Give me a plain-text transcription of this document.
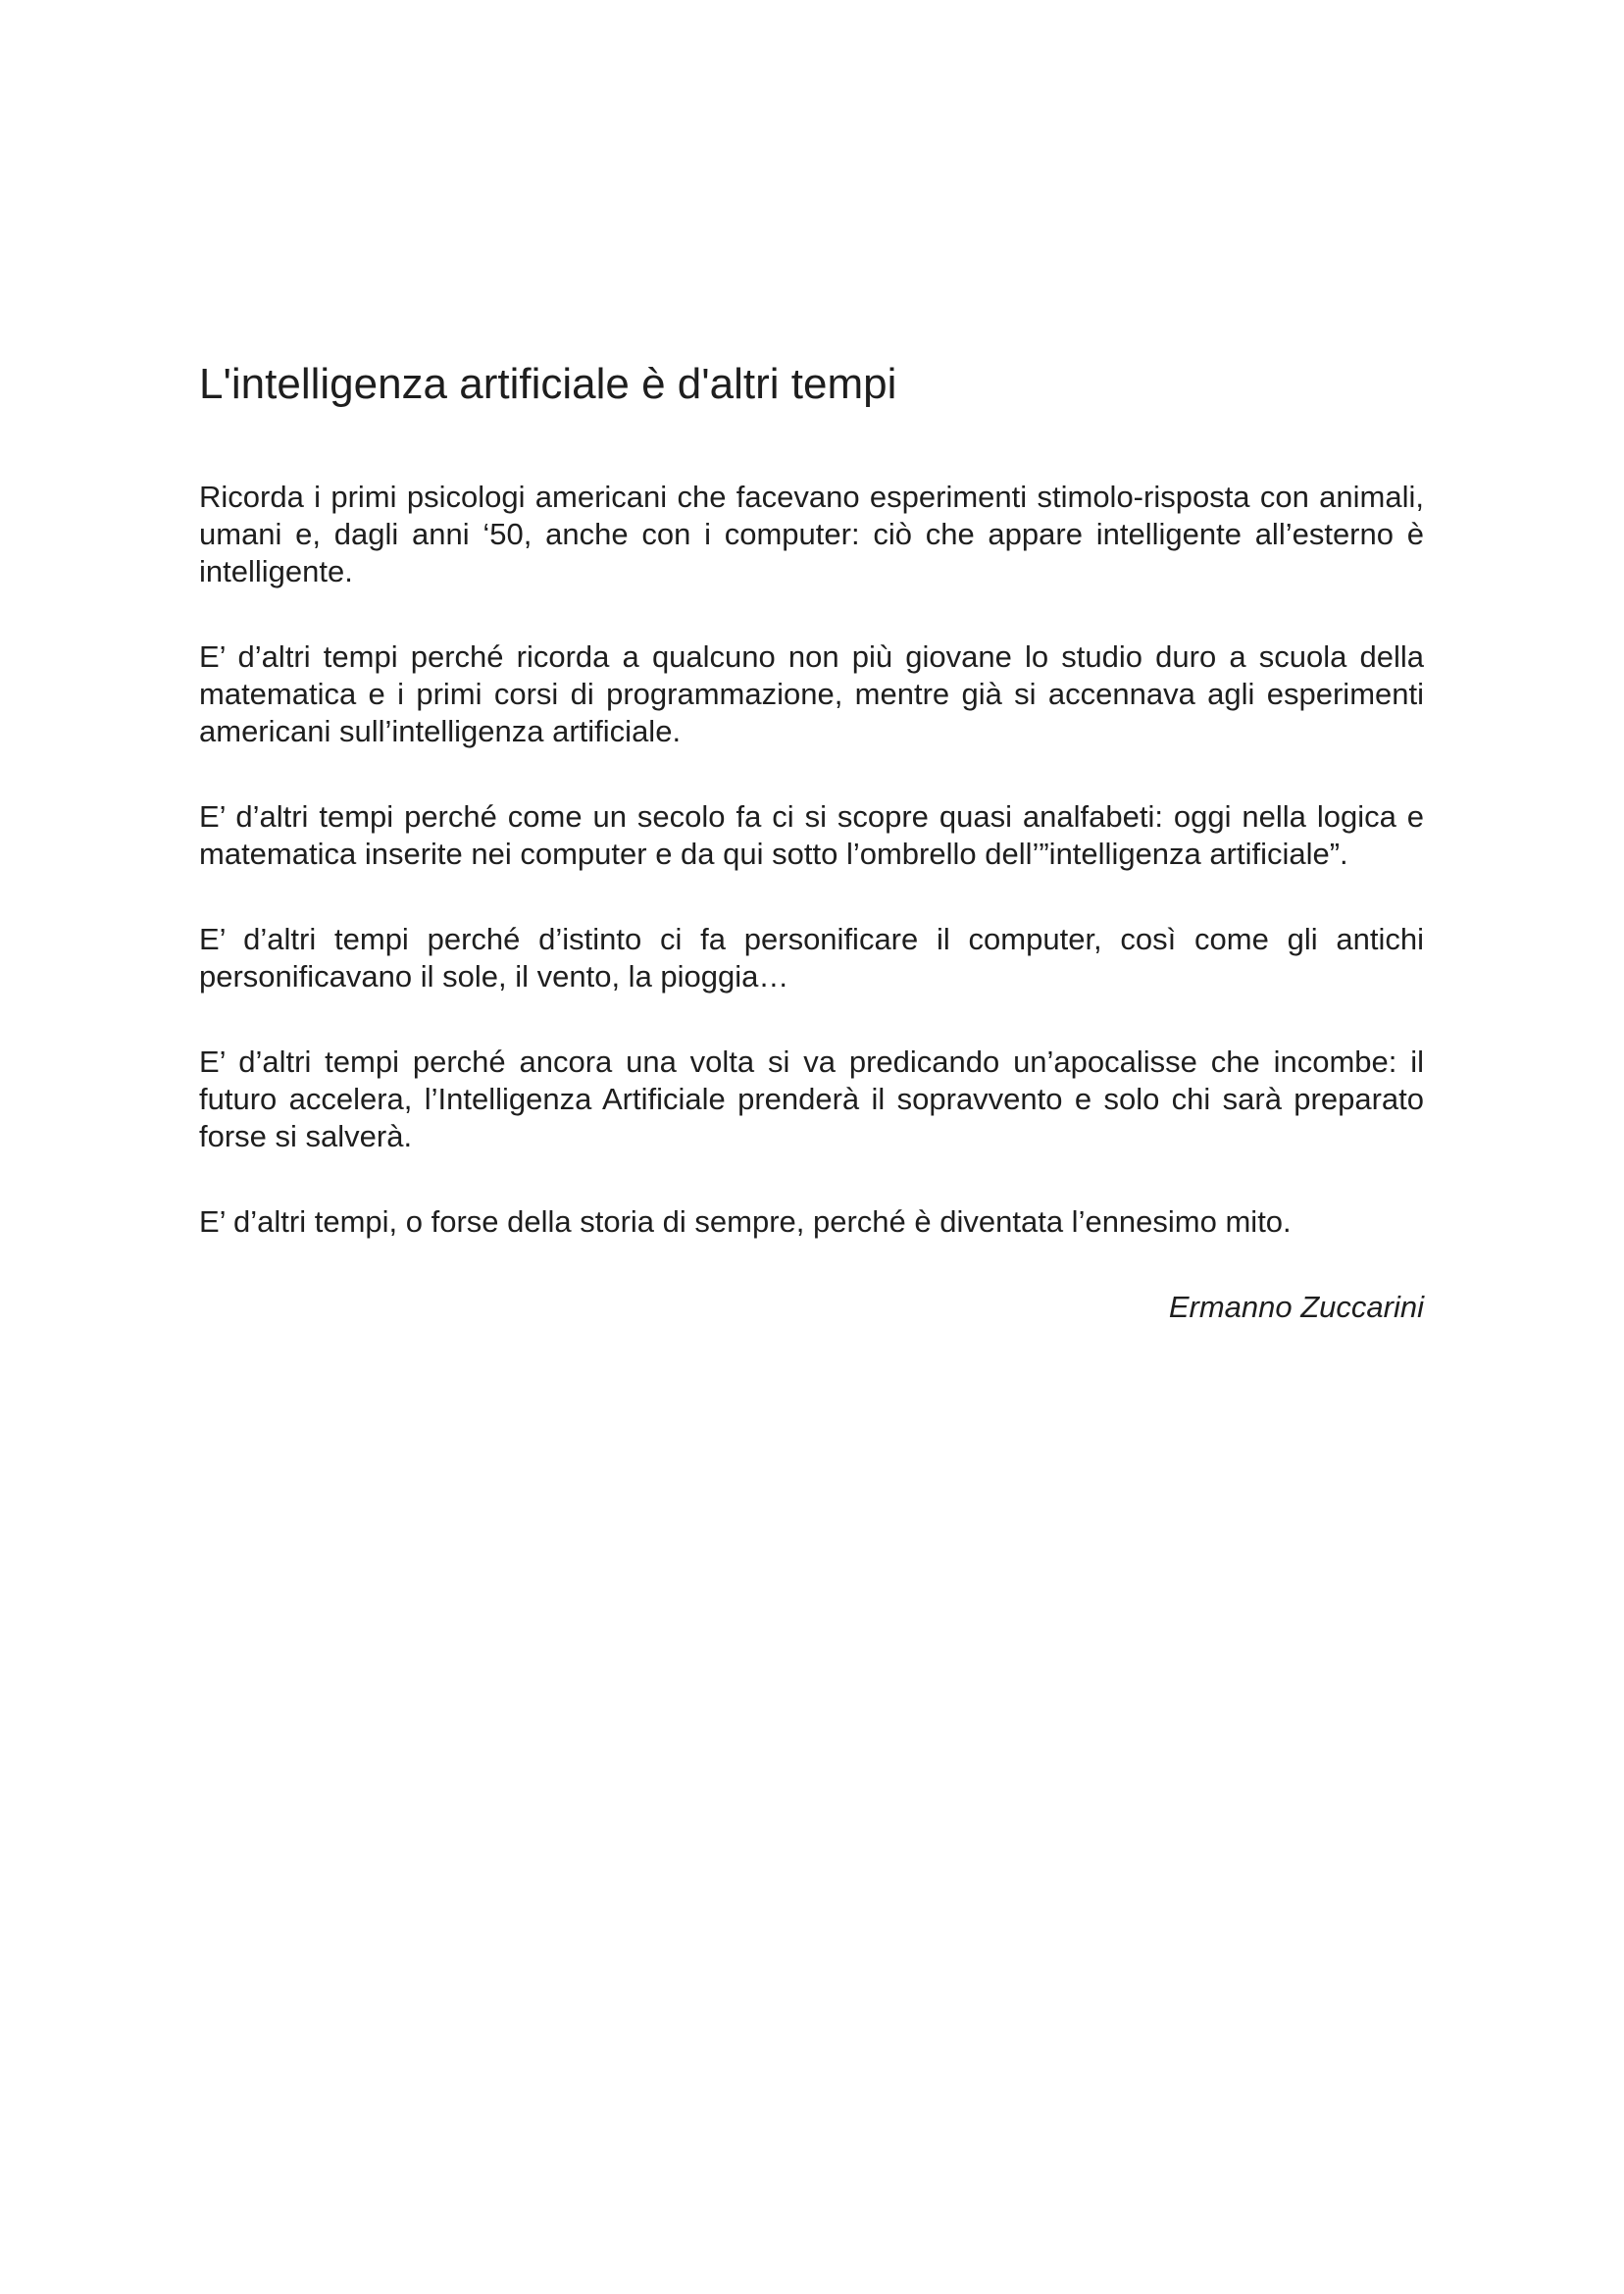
L'intelligenza artificiale è d'altri tempi

Ricorda i primi psicologi americani che facevano esperimenti stimolo-risposta con animali, umani e, dagli anni ‘50, anche con i computer: ciò che appare intelligente all’esterno è intelligente.

E’ d’altri tempi perché ricorda a qualcuno non più giovane lo studio duro a scuola della matematica e i primi corsi di programmazione, mentre già si accennava agli esperimenti americani sull’intelligenza artificiale.

E’ d’altri tempi perché come un secolo fa ci si scopre quasi analfabeti: oggi nella logica e matematica inserite nei computer e da qui sotto l’ombrello dell’”intelligenza artificiale”.

E’ d’altri tempi perché d’istinto ci fa personificare il computer, così come gli antichi personificavano il sole, il vento, la pioggia…

E’ d’altri tempi perché ancora una volta si va predicando un’apocalisse che incombe: il futuro accelera, l’Intelligenza Artificiale prenderà il sopravvento e solo chi sarà preparato forse si salverà.

E’ d’altri tempi, o forse della storia di sempre, perché è diventata l’ennesimo mito.

Ermanno Zuccarini
